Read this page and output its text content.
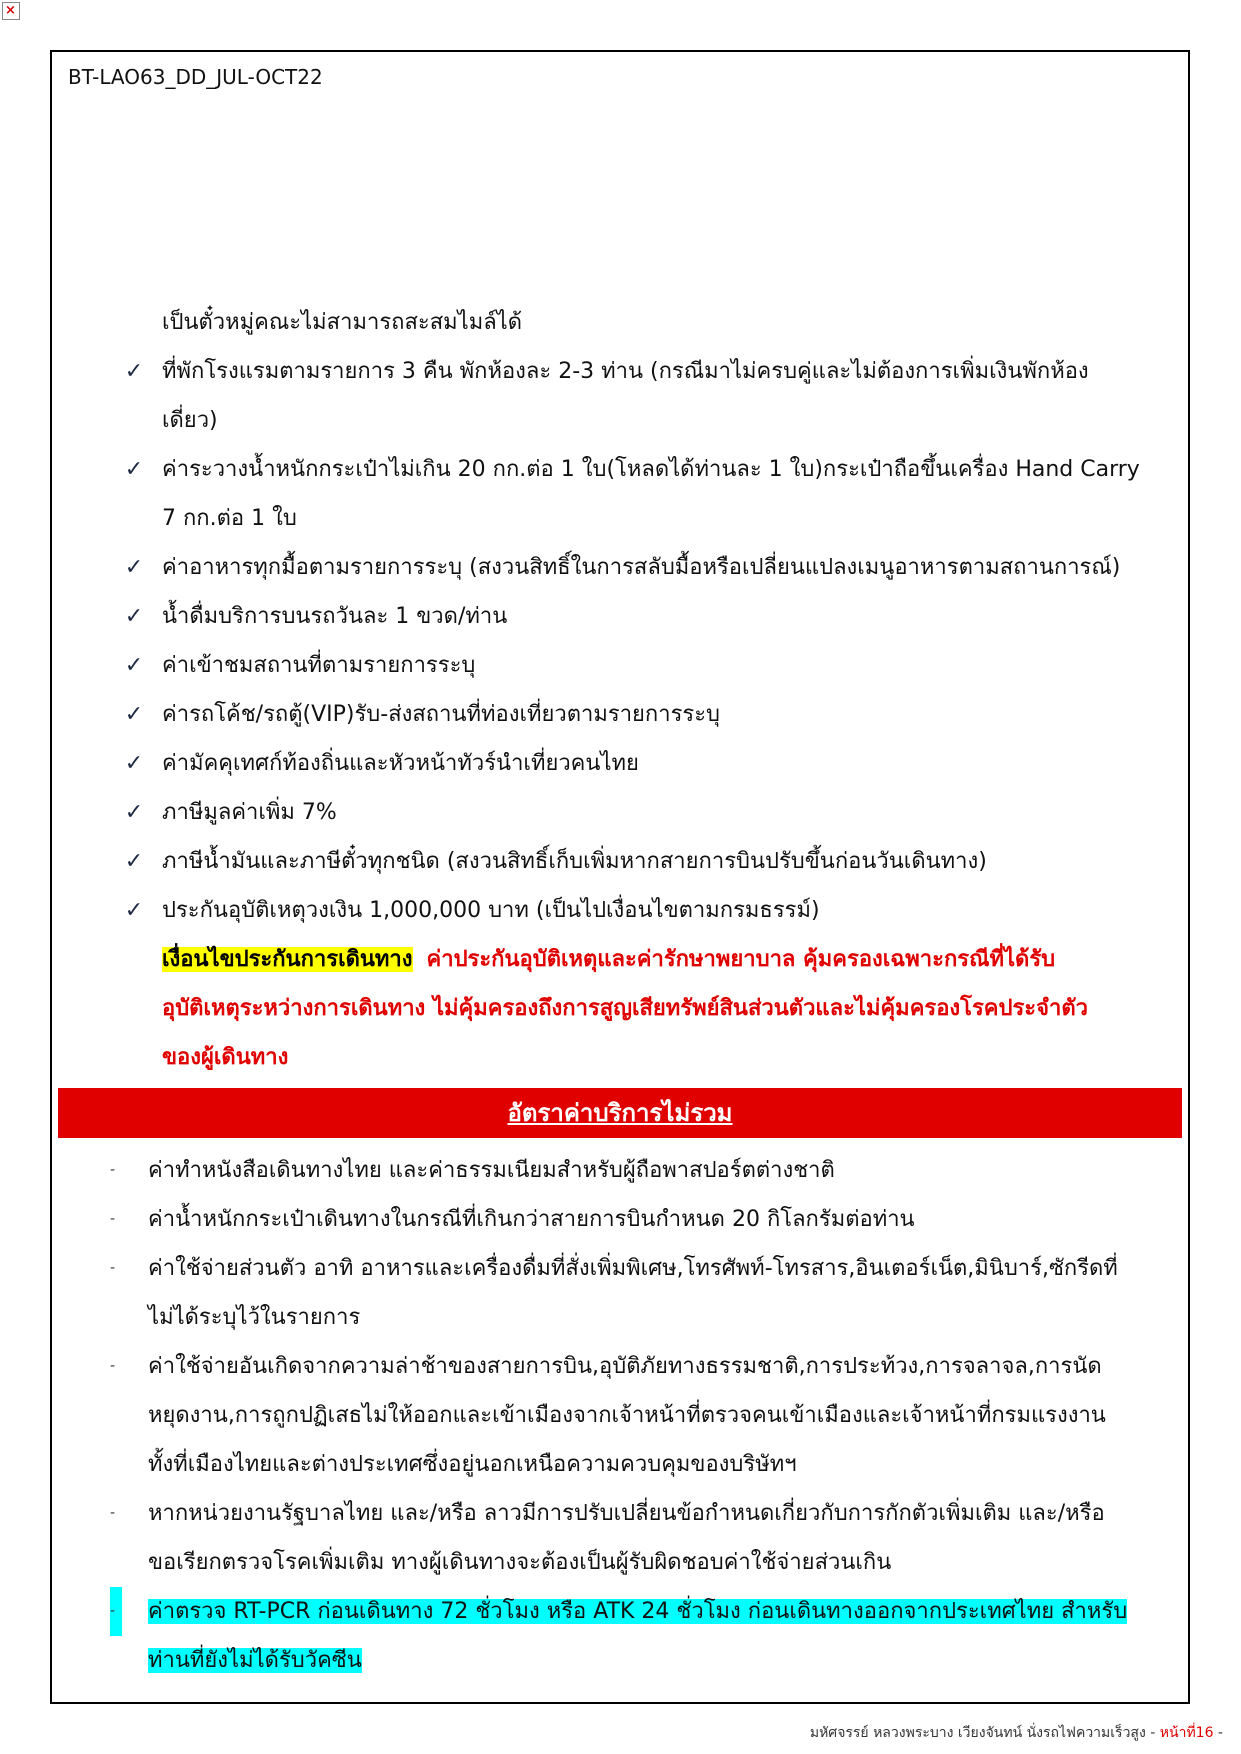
×
BT-LAO63_DD_JUL-OCT22
เป็นตั๋วหมู่คณะไม่สามารถสะสมไมล์ได้
✓ ที่พักโรงแรมตามรายการ 3 คืน พักห้องละ 2-3 ท่าน (กรณีมาไม่ครบคู่และไม่ต้องการเพิ่มเงินพักห้อง
เดี่ยว)
✓ ค่าระวางน้ำหนักกระเป๋าไม่เกิน 20 กก.ต่อ 1 ใบ(โหลดได้ท่านละ 1 ใบ)กระเป๋าถือขึ้นเครื่อง Hand Carry
7 กก.ต่อ 1 ใบ
✓ ค่าอาหารทุกมื้อตามรายการระบุ (สงวนสิทธิ์ในการสลับมื้อหรือเปลี่ยนแปลงเมนูอาหารตามสถานการณ์)
✓ น้ำดื่มบริการบนรถวันละ 1 ขวด/ท่าน
✓ ค่าเข้าชมสถานที่ตามรายการระบุ
✓ ค่ารถโค้ช/รถตู้(VIP)รับ-ส่งสถานที่ท่องเที่ยวตามรายการระบุ
✓ ค่ามัคคุเทศก์ท้องถิ่นและหัวหน้าทัวร์นำเที่ยวคนไทย
✓ ภาษีมูลค่าเพิ่ม 7%
✓ ภาษีน้ำมันและภาษีตั๋วทุกชนิด (สงวนสิทธิ์เก็บเพิ่มหากสายการบินปรับขึ้นก่อนวันเดินทาง)
✓ ประกันอุบัติเหตุวงเงิน 1,000,000 บาท (เป็นไปเงื่อนไขตามกรมธรรม์)
เงื่อนไขประกันการเดินทาง ค่าประกันอุบัติเหตุและค่ารักษาพยาบาล คุ้มครองเฉพาะกรณีที่ได้รับ
อุบัติเหตุระหว่างการเดินทาง ไม่คุ้มครองถึงการสูญเสียทรัพย์สินส่วนตัวและไม่คุ้มครองโรคประจำตัว
ของผู้เดินทาง
อัตราค่าบริการไม่รวม
-	ค่าทำหนังสือเดินทางไทย และค่าธรรมเนียมสำหรับผู้ถือพาสปอร์ตต่างชาติ
-	ค่าน้ำหนักกระเป๋าเดินทางในกรณีที่เกินกว่าสายการบินกำหนด 20 กิโลกรัมต่อท่าน
-	ค่าใช้จ่ายส่วนตัว อาทิ อาหารและเครื่องดื่มที่สั่งเพิ่มพิเศษ,โทรศัพท์-โทรสาร,อินเตอร์เน็ต,มินิบาร์,ซักรีดที่
ไม่ได้ระบุไว้ในรายการ
-	ค่าใช้จ่ายอันเกิดจากความล่าช้าของสายการบิน,อุบัติภัยทางธรรมชาติ,การประท้วง,การจลาจล,การนัด
หยุดงาน,การถูกปฏิเสธไม่ให้ออกและเข้าเมืองจากเจ้าหน้าที่ตรวจคนเข้าเมืองและเจ้าหน้าที่กรมแรงงาน
ทั้งที่เมืองไทยและต่างประเทศซึ่งอยู่นอกเหนือความควบคุมของบริษัทฯ
-	หากหน่วยงานรัฐบาลไทย และ/หรือ ลาวมีการปรับเปลี่ยนข้อกำหนดเกี่ยวกับการกักตัวเพิ่มเติม และ/หรือ
ขอเรียกตรวจโรคเพิ่มเติม ทางผู้เดินทางจะต้องเป็นผู้รับผิดชอบค่าใช้จ่ายส่วนเกิน
-	ค่าตรวจ RT-PCR ก่อนเดินทาง 72 ชั่วโมง หรือ ATK 24 ชั่วโมง ก่อนเดินทางออกจากประเทศไทย สำหรับ
ท่านที่ยังไม่ได้รับวัคซีน
มหัศจรรย์ หลวงพระบาง เวียงจันทน์ นั่งรถไฟความเร็วสูง - หน้าที่16 -
